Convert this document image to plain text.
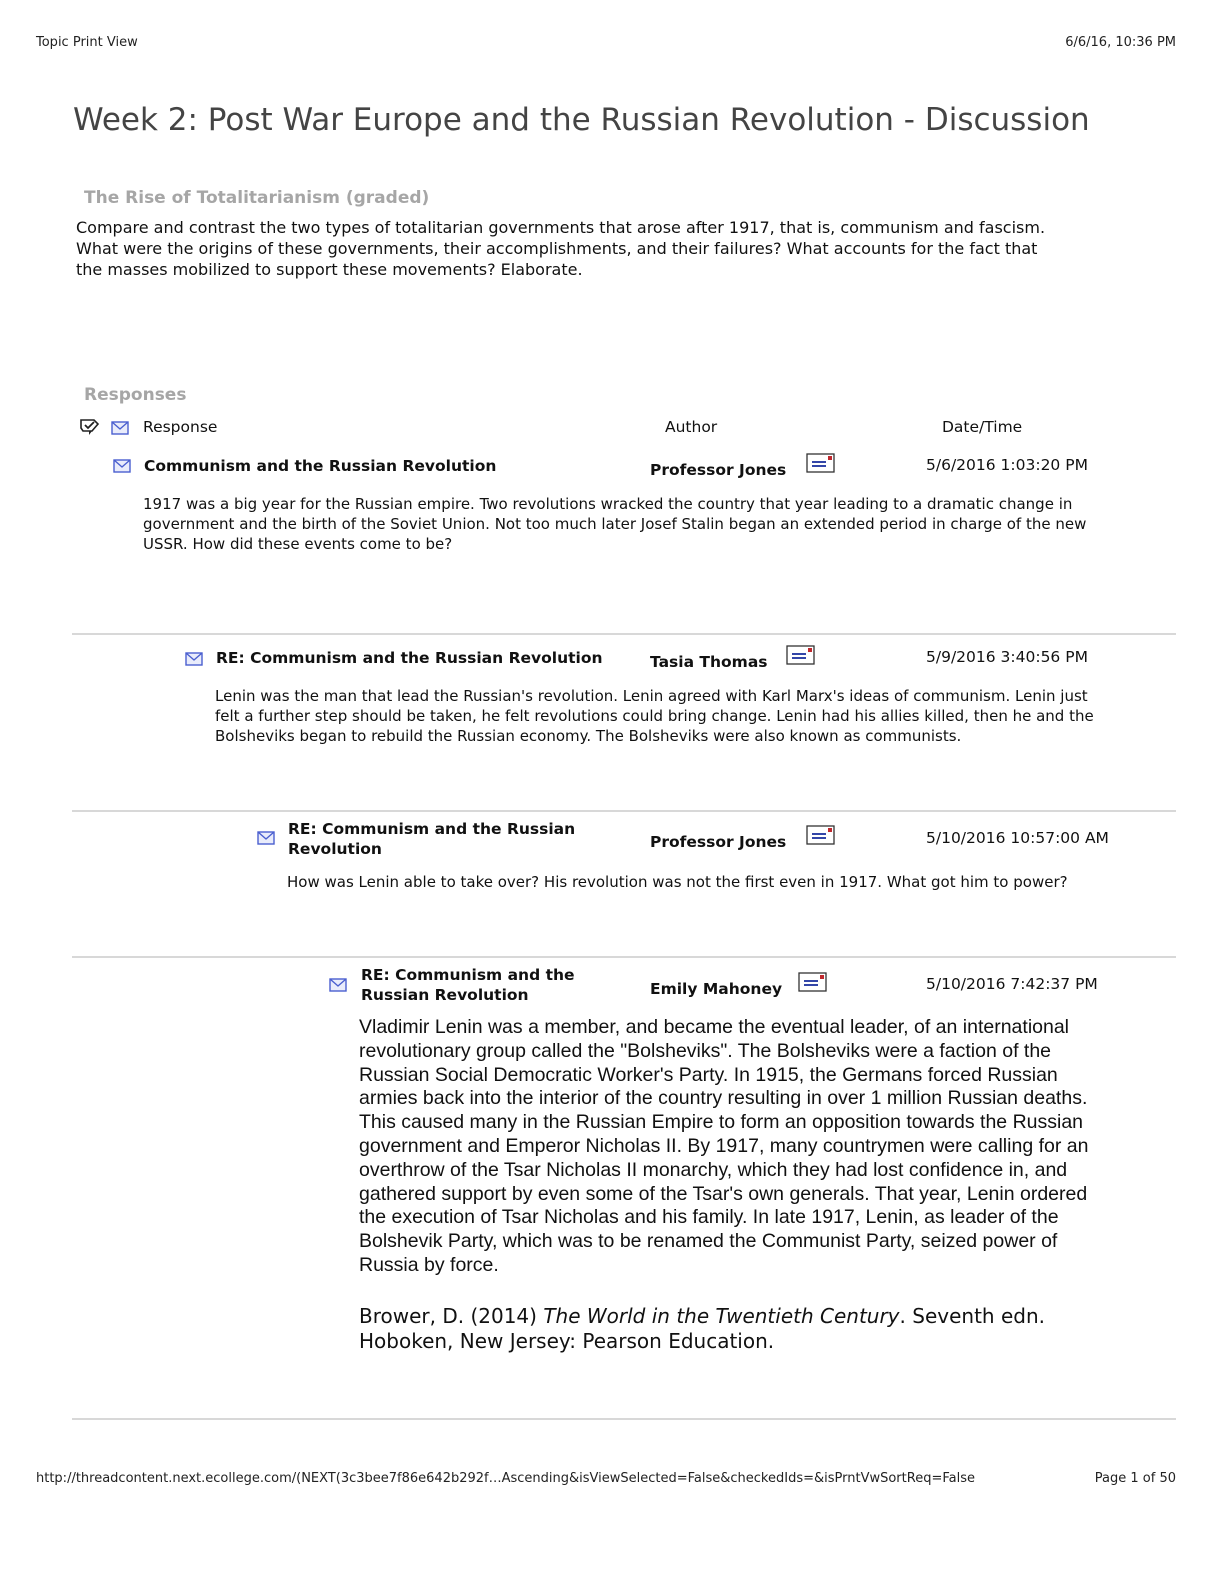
Topic Print View	6/6/16, 10:36 PM
Week 2: Post War Europe and the Russian Revolution - Discussion
The Rise of Totalitarianism (graded)
Compare and contrast the two types of totalitarian governments that arose after 1917, that is, communism and fascism.
What were the origins of these governments, their accomplishments, and their failures? What accounts for the fact that
the masses mobilized to support these movements? Elaborate.
Responses
Response	Author	Date/Time
Communism and the Russian Revolution	Professor Jones	5/6/2016 1:03:20 PM
1917 was a big year for the Russian empire. Two revolutions wracked the country that year leading to a dramatic change in
government and the birth of the Soviet Union. Not too much later Josef Stalin began an extended period in charge of the new
USSR. How did these events come to be?
RE: Communism and the Russian Revolution	Tasia Thomas	5/9/2016 3:40:56 PM
Lenin was the man that lead the Russian's revolution. Lenin agreed with Karl Marx's ideas of communism. Lenin just
felt a further step should be taken, he felt revolutions could bring change. Lenin had his allies killed, then he and the
Bolsheviks began to rebuild the Russian economy. The Bolsheviks were also known as communists.
RE: Communism and the Russian
Revolution	Professor Jones	5/10/2016 10:57:00 AM
How was Lenin able to take over? His revolution was not the first even in 1917. What got him to power?
RE: Communism and the
Russian Revolution	Emily Mahoney	5/10/2016 7:42:37 PM
Vladimir Lenin was a member, and became the eventual leader, of an international
revolutionary group called the "Bolsheviks". The Bolsheviks were a faction of the
Russian Social Democratic Worker's Party. In 1915, the Germans forced Russian
armies back into the interior of the country resulting in over 1 million Russian deaths.
This caused many in the Russian Empire to form an opposition towards the Russian
government and Emperor Nicholas II. By 1917, many countrymen were calling for an
overthrow of the Tsar Nicholas II monarchy, which they had lost confidence in, and
gathered support by even some of the Tsar's own generals. That year, Lenin ordered
the execution of Tsar Nicholas and his family. In late 1917, Lenin, as leader of the
Bolshevik Party, which was to be renamed the Communist Party, seized power of
Russia by force.
Brower, D. (2014) The World in the Twentieth Century. Seventh edn.
Hoboken, New Jersey: Pearson Education.
http://threadcontent.next.ecollege.com/(NEXT(3c3bee7f86e642b292f…Ascending&isViewSelected=False&checkedIds=&isPrntVwSortReq=False	Page 1 of 50
